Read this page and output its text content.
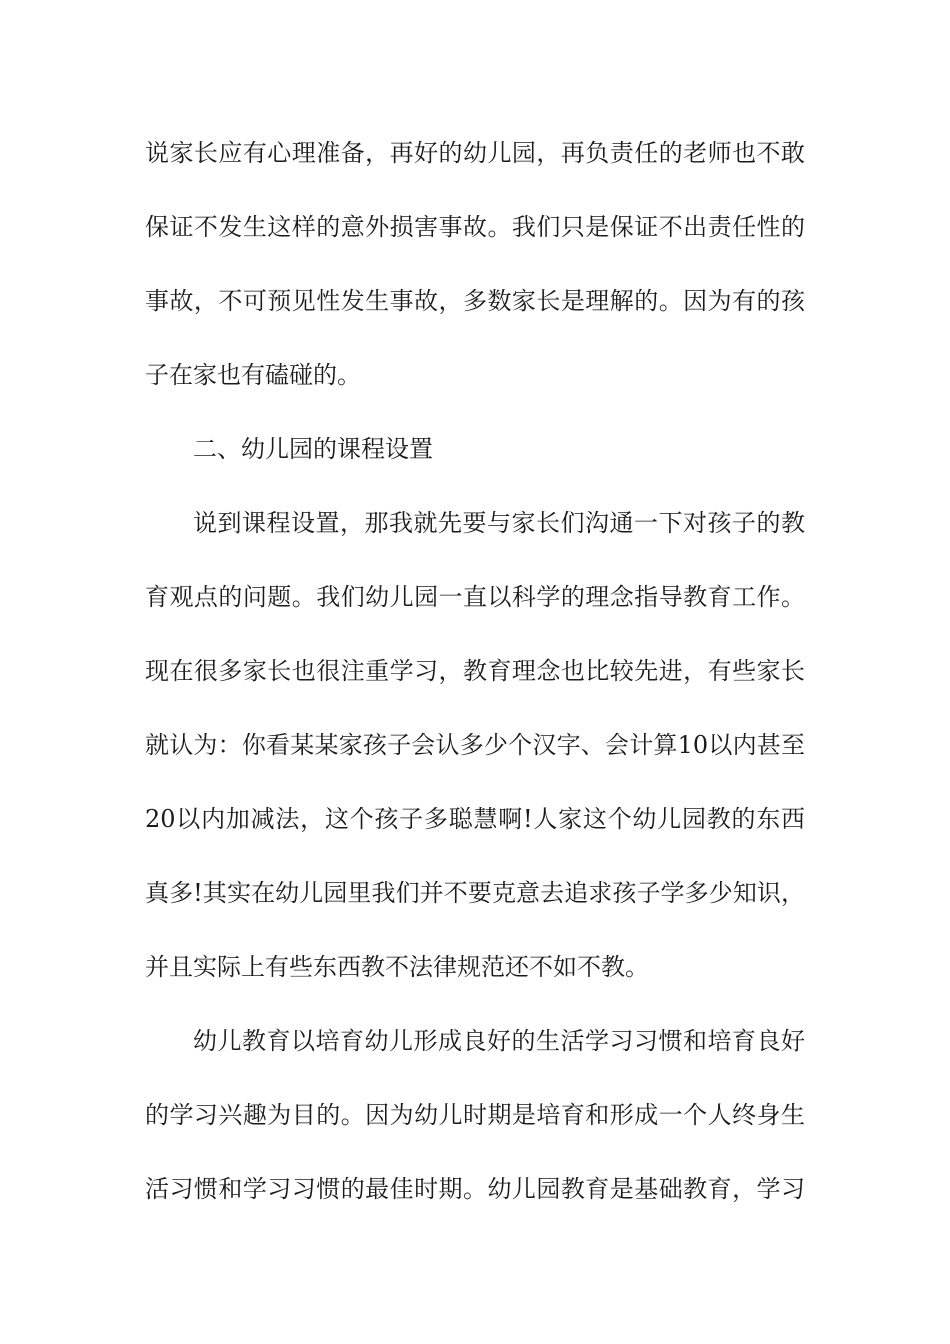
说家长应有心理准备，再好的幼儿园，再负责任的老师也不敢
保证不发生这样的意外损害事故。我们只是保证不出责任性的
事故，不可预见性发生事故，多数家长是理解的。因为有的孩
子在家也有磕碰的。
二、幼儿园的课程设置
说到课程设置，那我就先要与家长们沟通一下对孩子的教
育观点的问题。我们幼儿园一直以科学的理念指导教育工作。
现在很多家长也很注重学习，教育理念也比较先进，有些家长
就认为：你看某某家孩子会认多少个汉字、会计算10以内甚至
20以内加减法，这个孩子多聪慧啊!人家这个幼儿园教的东西
真多!其实在幼儿园里我们并不要克意去追求孩子学多少知识，
并且实际上有些东西教不法律规范还不如不教。
幼儿教育以培育幼儿形成良好的生活学习习惯和培育良好
的学习兴趣为目的。因为幼儿时期是培育和形成一个人终身生
活习惯和学习习惯的最佳时期。幼儿园教育是基础教育，学习
